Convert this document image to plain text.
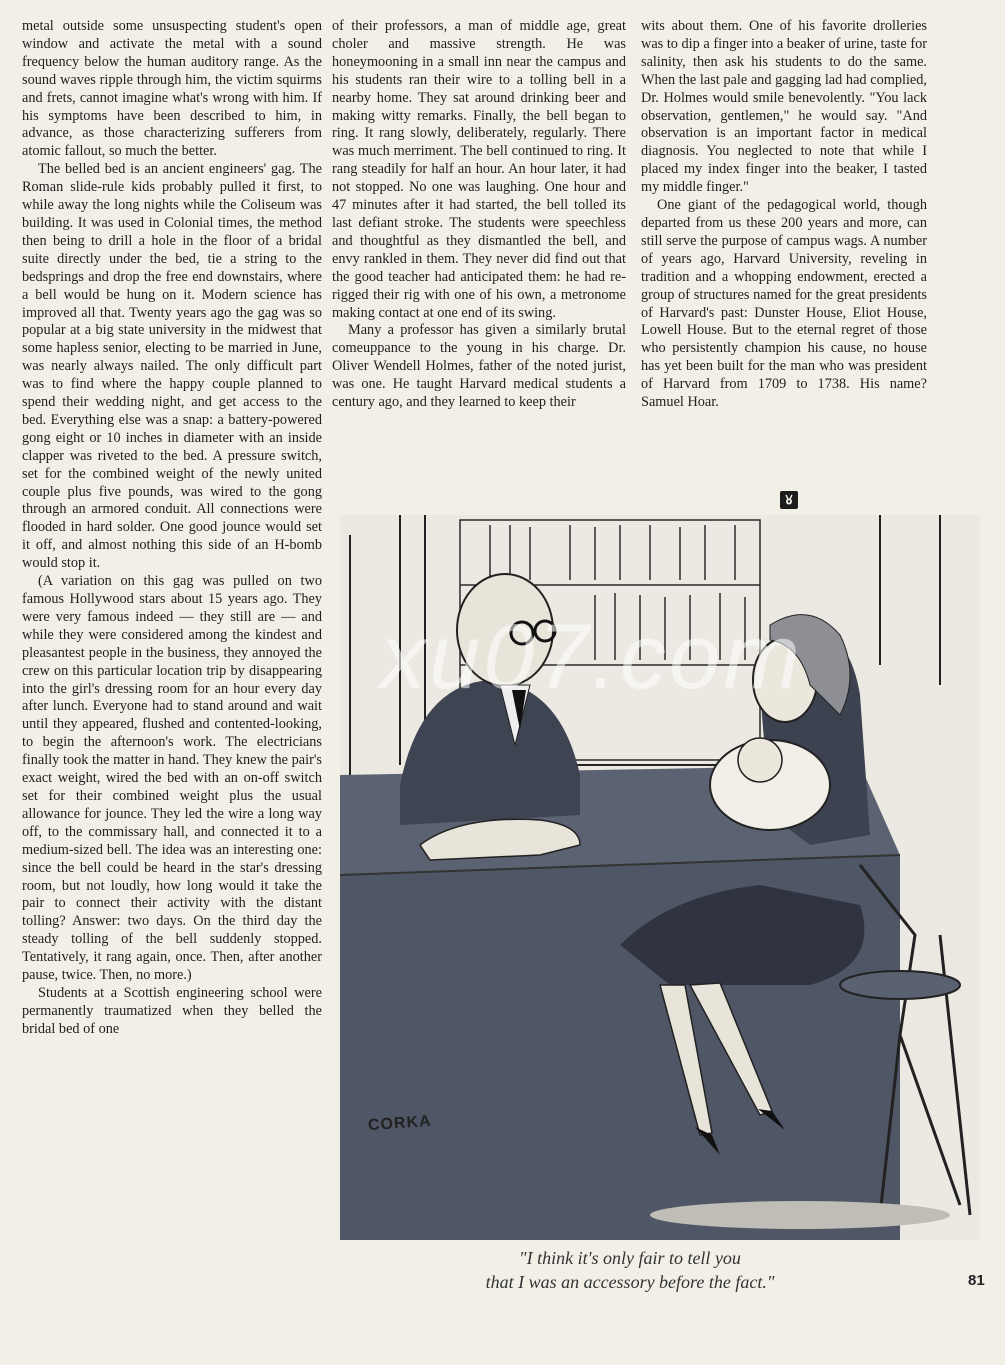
metal outside some unsuspecting student's open window and activate the metal with a sound frequency below the human auditory range. As the sound waves ripple through him, the victim squirms and frets, cannot imagine what's wrong with him. If his symptoms have been described to him, in advance, as those characterizing sufferers from atomic fallout, so much the better.

The belled bed is an ancient engineers' gag. The Roman slide-rule kids probably pulled it first, to while away the long nights while the Coliseum was building. It was used in Colonial times, the method then being to drill a hole in the floor of a bridal suite directly under the bed, tie a string to the bedsprings and drop the free end downstairs, where a bell would be hung on it. Modern science has improved all that. Twenty years ago the gag was so popular at a big state university in the midwest that some hapless senior, electing to be married in June, was nearly always nailed. The only difficult part was to find where the happy couple planned to spend their wedding night, and get access to the bed. Everything else was a snap: a battery-powered gong eight or 10 inches in diameter with an inside clapper was riveted to the bed. A pressure switch, set for the combined weight of the newly united couple plus five pounds, was wired to the gong through an armored conduit. All connections were flooded in hard solder. One good jounce would set it off, and almost nothing this side of an H-bomb would stop it.

(A variation on this gag was pulled on two famous Hollywood stars about 15 years ago. They were very famous indeed — they still are — and while they were considered among the kindest and pleasantest people in the business, they annoyed the crew on this particular location trip by disappearing into the girl's dressing room for an hour every day after lunch. Everyone had to stand around and wait until they appeared, flushed and contented-looking, to begin the afternoon's work. The electricians finally took the matter in hand. They knew the pair's exact weight, wired the bed with an on-off switch set for their combined weight plus the usual allowance for jounce. They led the wire a long way off, to the commissary hall, and connected it to a medium-sized bell. The idea was an interesting one: since the bell could be heard in the star's dressing room, but not loudly, how long would it take the pair to connect their activity with the distant tolling? Answer: two days. On the third day the steady tolling of the bell suddenly stopped. Tentatively, it rang again, once. Then, after another pause, twice. Then, no more.)

Students at a Scottish engineering school were permanently traumatized when they belled the bridal bed of one

of their professors, a man of middle age, great choler and massive strength. He was honeymooning in a small inn near the campus and his students ran their wire to a tolling bell in a nearby home. They sat around drinking beer and making witty remarks. Finally, the bell began to ring. It rang slowly, deliberately, regularly. There was much merriment. The bell continued to ring. It rang steadily for half an hour. An hour later, it had not stopped. No one was laughing. One hour and 47 minutes after it had started, the bell tolled its last defiant stroke. The students were speechless and thoughtful as they dismantled the bell, and envy rankled in them. They never did find out that the good teacher had anticipated them: he had re-rigged their rig with one of his own, a metronome making contact at one end of its swing.

Many a professor has given a similarly brutal comeuppance to the young in his charge. Dr. Oliver Wendell Holmes, father of the noted jurist, was one. He taught Harvard medical students a century ago, and they learned to keep their

wits about them. One of his favorite drolleries was to dip a finger into a beaker of urine, taste for salinity, then ask his students to do the same. When the last pale and gagging lad had complied, Dr. Holmes would smile benevolently. "You lack observation, gentlemen," he would say. "And observation is an important factor in medical diagnosis. You neglected to note that while I placed my index finger into the beaker, I tasted my middle finger."

One giant of the pedagogical world, though departed from us these 200 years and more, can still serve the purpose of campus wags. A number of years ago, Harvard University, reveling in tradition and a whopping endowment, erected a group of structures named for the great presidents of Harvard's past: Dunster House, Eliot House, Lowell House. But to the eternal regret of those who persistently champion his cause, no house has yet been built for the man who was president of Harvard from 1709 to 1738. His name? Samuel Hoar.

xu07.com
CORKA
"I think it's only fair to tell you
that I was an accessory before the fact."	81
